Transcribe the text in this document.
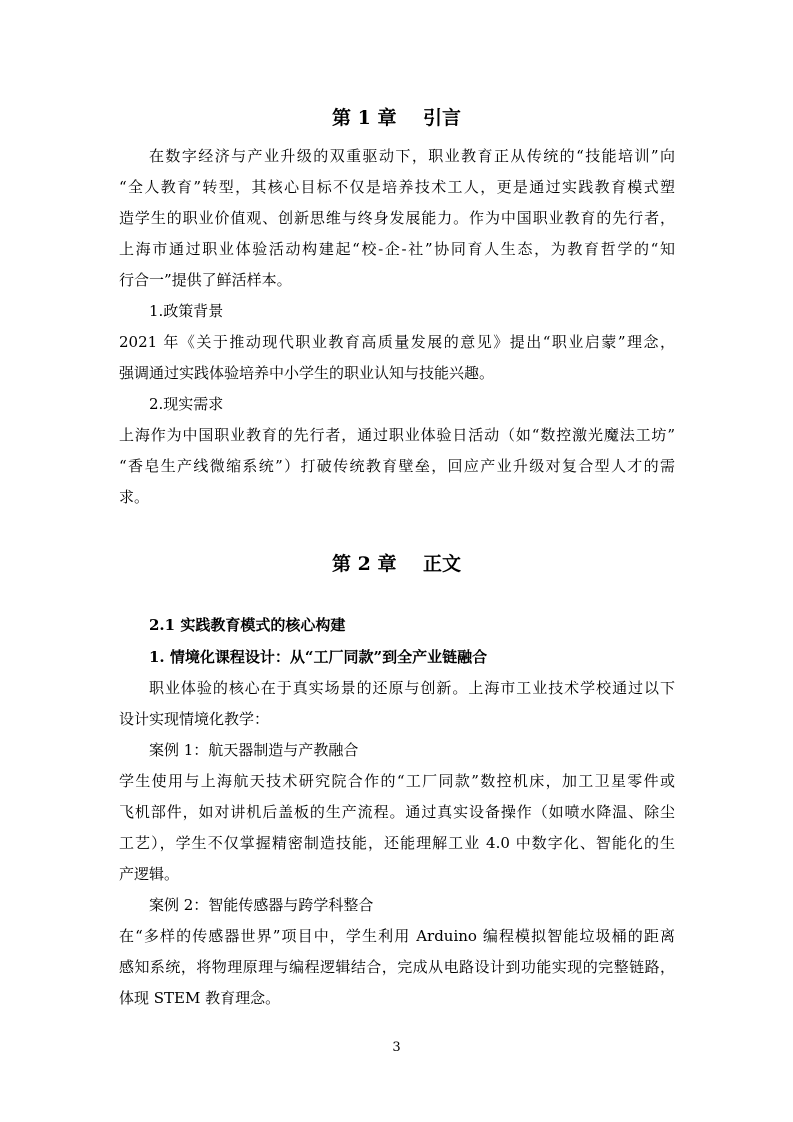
第 1 章    引言
在数字经济与产业升级的双重驱动下，职业教育正从传统的“技能培训”向
“全人教育”转型，其核心目标不仅是培养技术工人，更是通过实践教育模式塑
造学生的职业价值观、创新思维与终身发展能力。作为中国职业教育的先行者，
上海市通过职业体验活动构建起“校-企-社”协同育人生态，为教育哲学的“知
行合一”提供了鲜活样本。
1.政策背景
2021 年《关于推动现代职业教育高质量发展的意见》提出“职业启蒙”理念，
强调通过实践体验培养中小学生的职业认知与技能兴趣。
2.现实需求
上海作为中国职业教育的先行者，通过职业体验日活动（如“数控激光魔法工坊”
“香皂生产线微缩系统”）打破传统教育壁垒，回应产业升级对复合型人才的需
求。
第 2 章    正文
2.1 实践教育模式的核心构建
1. 情境化课程设计：从“工厂同款”到全产业链融合
职业体验的核心在于真实场景的还原与创新。上海市工业技术学校通过以下
设计实现情境化教学：
案例 1：航天器制造与产教融合
学生使用与上海航天技术研究院合作的“工厂同款”数控机床，加工卫星零件或
飞机部件，如对讲机后盖板的生产流程。通过真实设备操作（如喷水降温、除尘
工艺），学生不仅掌握精密制造技能，还能理解工业 4.0 中数字化、智能化的生
产逻辑。
案例 2：智能传感器与跨学科整合
在“多样的传感器世界”项目中，学生利用 Arduino 编程模拟智能垃圾桶的距离
感知系统，将物理原理与编程逻辑结合，完成从电路设计到功能实现的完整链路，
体现 STEM 教育理念。
3
